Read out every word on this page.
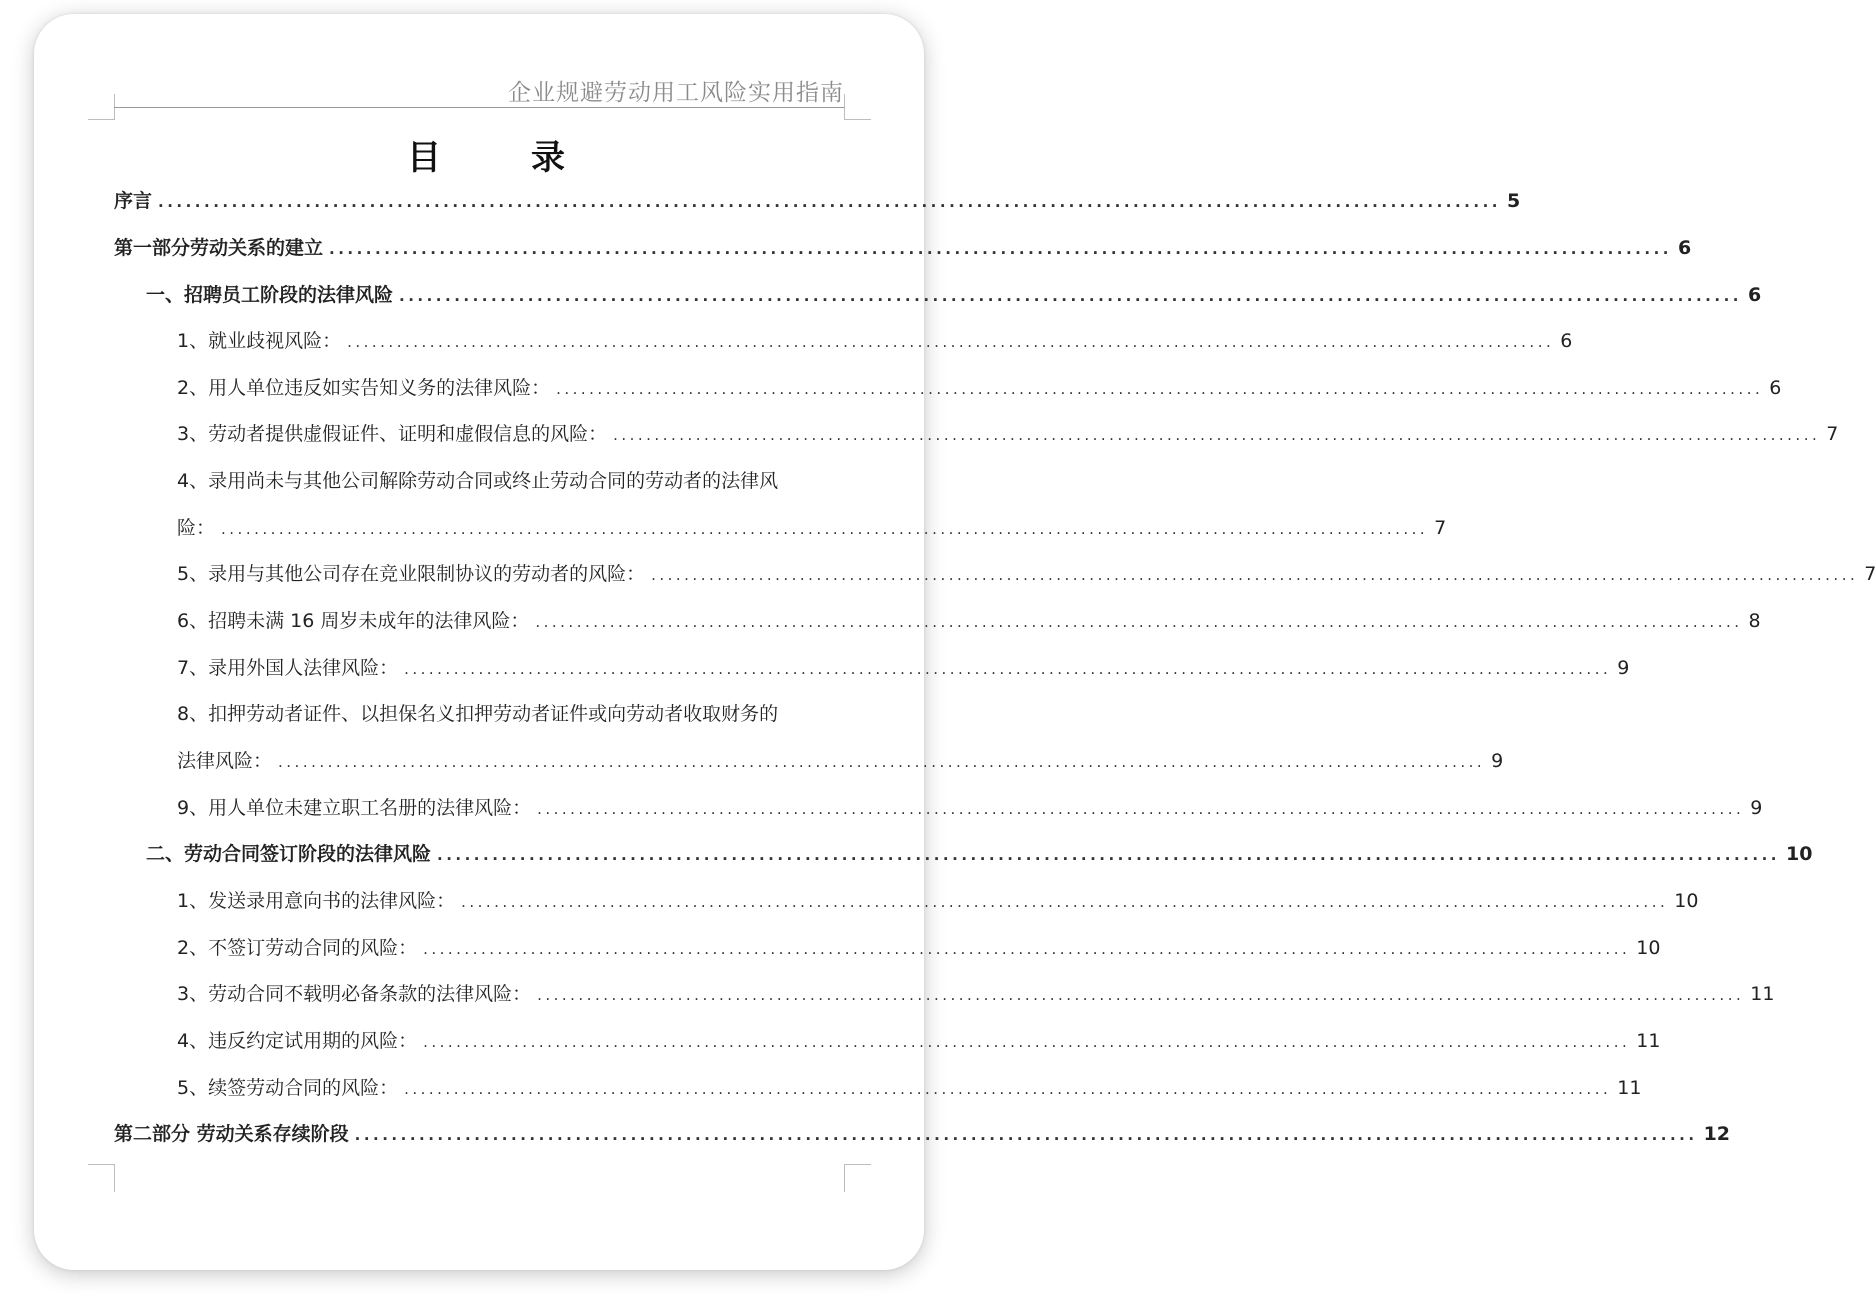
企业规避劳动用工风险实用指南
目　录
序言 .................................................................................................................................................. 5
第一部分劳动关系的建立 .................................................................................................................................................. 6
一、招聘员工阶段的法律风险 .................................................................................................................................................. 6
1、就业歧视风险： .................................................................................................................................................. 6
2、用人单位违反如实告知义务的法律风险： .................................................................................................................................................. 6
3、劳动者提供虚假证件、证明和虚假信息的风险： .................................................................................................................................................. 7
4、录用尚未与其他公司解除劳动合同或终止劳动合同的劳动者的法律风
险： .................................................................................................................................................. 7
5、录用与其他公司存在竞业限制协议的劳动者的风险： .................................................................................................................................................. 7
6、招聘未满 16 周岁未成年的法律风险： .................................................................................................................................................. 8
7、录用外国人法律风险： .................................................................................................................................................. 9
8、扣押劳动者证件、以担保名义扣押劳动者证件或向劳动者收取财务的
法律风险： .................................................................................................................................................. 9
9、用人单位未建立职工名册的法律风险： .................................................................................................................................................. 9
二、劳动合同签订阶段的法律风险 .................................................................................................................................................. 10
1、发送录用意向书的法律风险： .................................................................................................................................................. 10
2、不签订劳动合同的风险： .................................................................................................................................................. 10
3、劳动合同不载明必备条款的法律风险： .................................................................................................................................................. 11
4、违反约定试用期的风险： .................................................................................................................................................. 11
5、续签劳动合同的风险： .................................................................................................................................................. 11
第二部分 劳动关系存续阶段 .................................................................................................................................................. 12
